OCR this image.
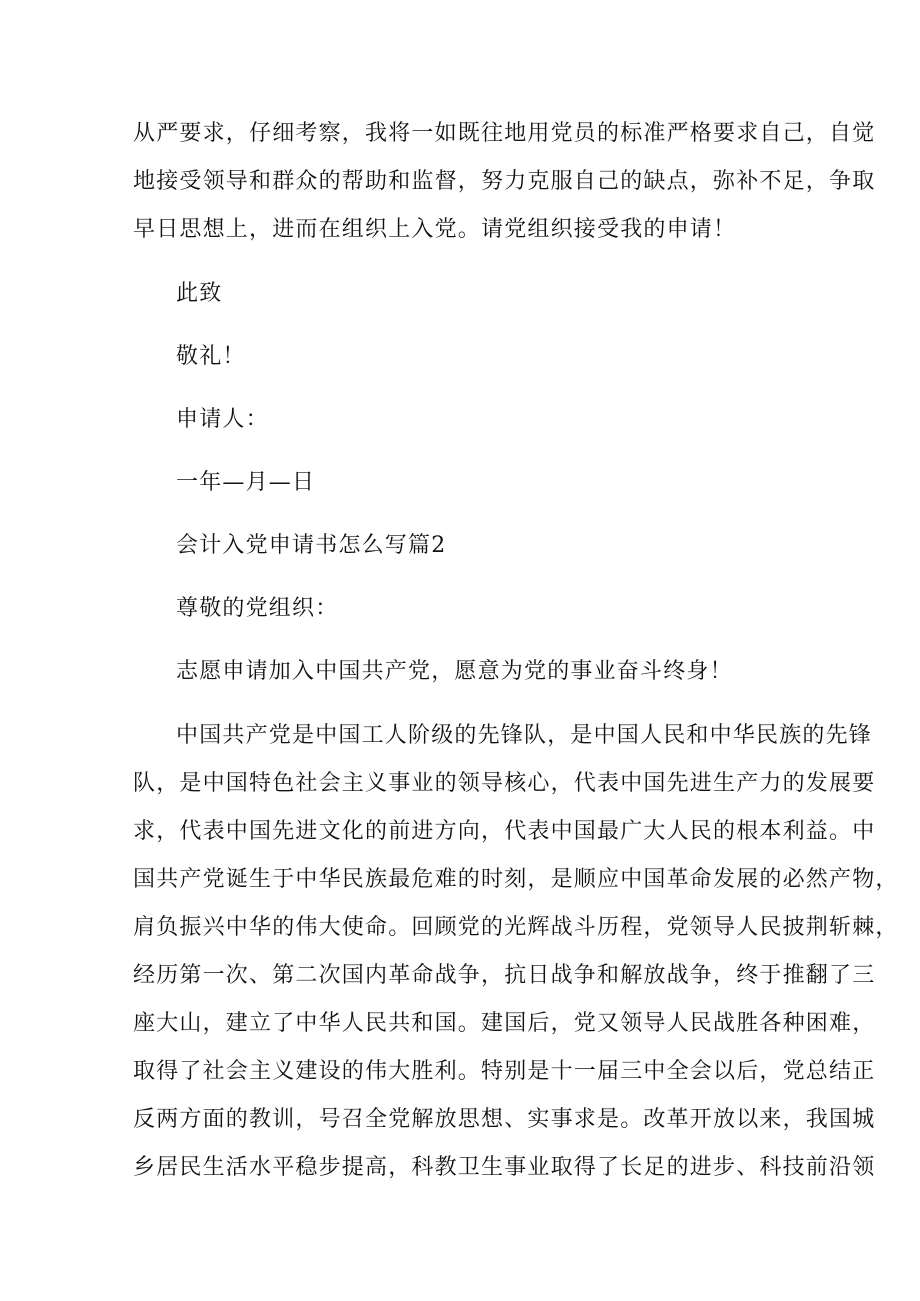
从严要求，仔细考察，我将一如既往地用党员的标准严格要求自己，自觉
地接受领导和群众的帮助和监督，努力克服自己的缺点，弥补不足，争取
早日思想上，进而在组织上入党。请党组织接受我的申请！
此致
敬礼！
申请人：
一年—月—日
会计入党申请书怎么写篇2
尊敬的党组织：
志愿申请加入中国共产党，愿意为党的事业奋斗终身！
中国共产党是中国工人阶级的先锋队，是中国人民和中华民族的先锋
队，是中国特色社会主义事业的领导核心，代表中国先进生产力的发展要
求，代表中国先进文化的前进方向，代表中国最广大人民的根本利益。中
国共产党诞生于中华民族最危难的时刻，是顺应中国革命发展的必然产物，
肩负振兴中华的伟大使命。回顾党的光辉战斗历程，党领导人民披荆斩棘，
经历第一次、第二次国内革命战争，抗日战争和解放战争，终于推翻了三
座大山，建立了中华人民共和国。建国后，党又领导人民战胜各种困难，
取得了社会主义建设的伟大胜利。特别是十一届三中全会以后，党总结正
反两方面的教训，号召全党解放思想、实事求是。改革开放以来，我国城
乡居民生活水平稳步提高，科教卫生事业取得了长足的进步、科技前沿领
